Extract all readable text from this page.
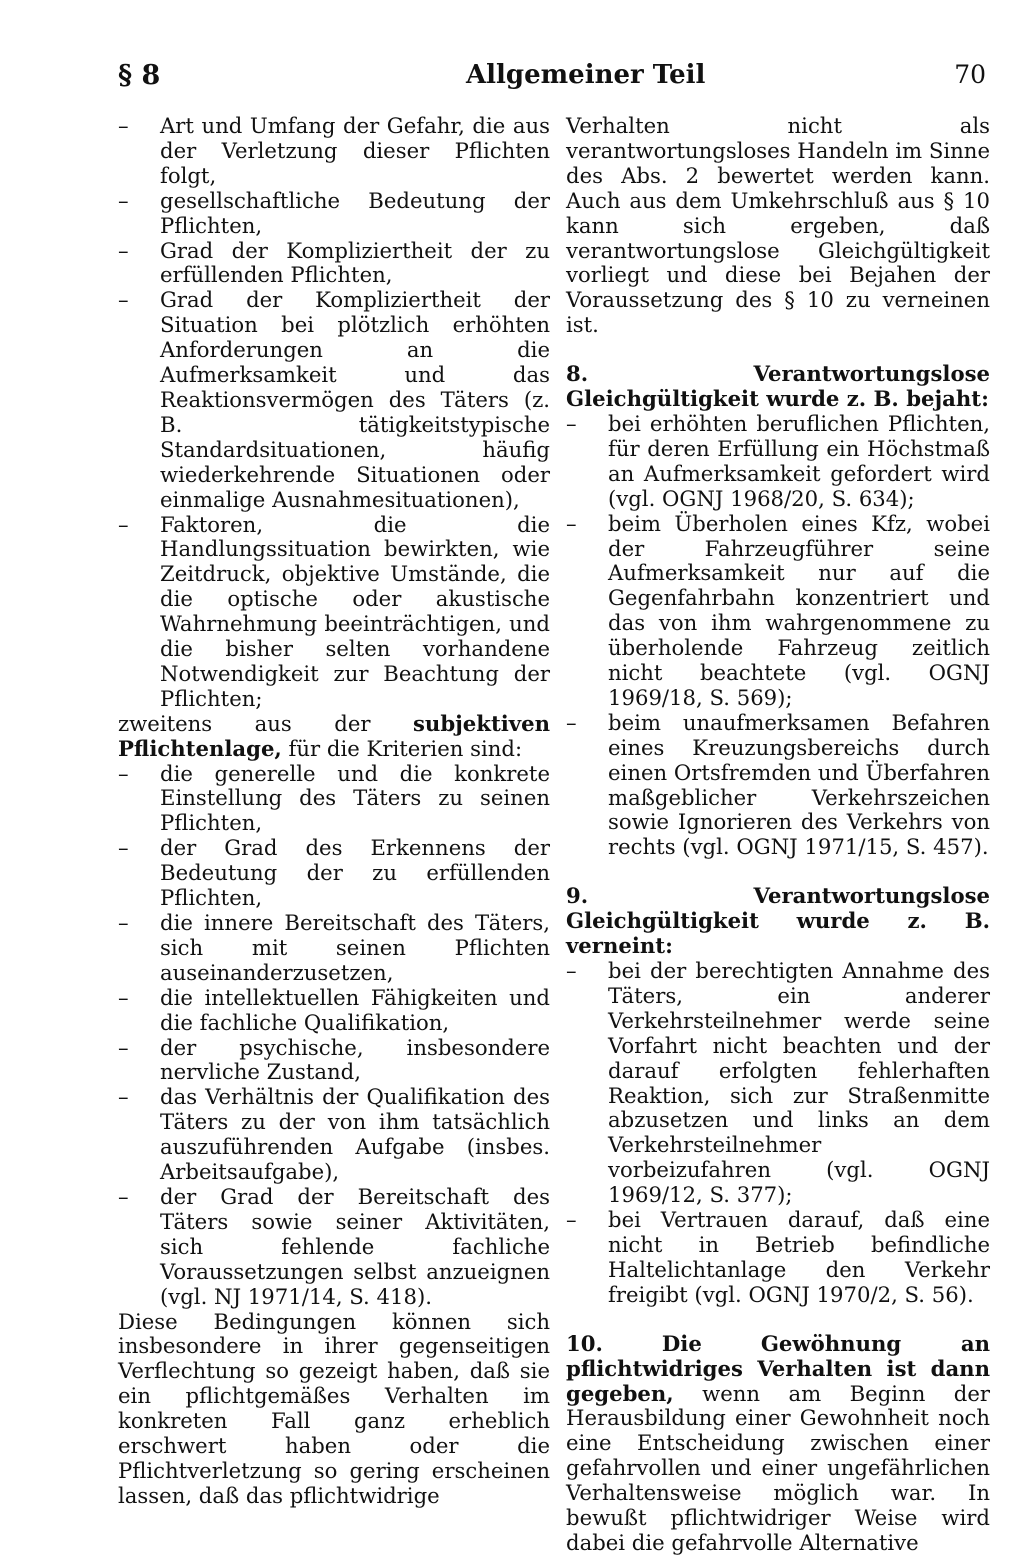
§ 8	Allgemeiner Teil	70

– Art und Umfang der Gefahr, die aus der Verletzung dieser Pflichten folgt,

– gesellschaftliche Bedeutung der Pflichten,

– Grad der Kompliziertheit der zu erfüllenden Pflichten,

– Grad der Kompliziertheit der Situation bei plötzlich erhöhten Anforderungen an die Aufmerksamkeit und das Reaktionsvermögen des Täters (z. B. tätigkeitstypische Standardsituationen, häufig wiederkehrende Situationen oder einmalige Ausnahmesituationen),

– Faktoren, die die Handlungssituation bewirkten, wie Zeitdruck, objektive Umstände, die die optische oder akustische Wahrnehmung beeinträchtigen, und die bisher selten vorhandene Notwendigkeit zur Beachtung der Pflichten;

zweitens aus der subjektiven Pflichtenlage, für die Kriterien sind:

– die generelle und die konkrete Einstellung des Täters zu seinen Pflichten,

– der Grad des Erkennens der Bedeutung der zu erfüllenden Pflichten,

– die innere Bereitschaft des Täters, sich mit seinen Pflichten auseinanderzusetzen,

– die intellektuellen Fähigkeiten und die fachliche Qualifikation,

– der psychische, insbesondere nervliche Zustand,

– das Verhältnis der Qualifikation des Täters zu der von ihm tatsächlich auszuführenden Aufgabe (insbes. Arbeitsaufgabe),

– der Grad der Bereitschaft des Täters sowie seiner Aktivitäten, sich fehlende fachliche Voraussetzungen selbst anzueignen (vgl. NJ 1971/14, S. 418).

Diese Bedingungen können sich insbesondere in ihrer gegenseitigen Verflechtung so gezeigt haben, daß sie ein pflichtgemäßes Verhalten im konkreten Fall ganz erheblich erschwert haben oder die Pflichtverletzung so gering erscheinen lassen, daß das pflichtwidrige

Verhalten nicht als verantwortungsloses Handeln im Sinne des Abs. 2 bewertet werden kann. Auch aus dem Umkehrschluß aus § 10 kann sich ergeben, daß verantwortungslose Gleichgültigkeit vorliegt und diese bei Bejahen der Voraussetzung des § 10 zu verneinen ist.

8. Verantwortungslose Gleichgültigkeit wurde z. B. bejaht:

– bei erhöhten beruflichen Pflichten, für deren Erfüllung ein Höchstmaß an Aufmerksamkeit gefordert wird (vgl. OGNJ 1968/20, S. 634);

– beim Überholen eines Kfz, wobei der Fahrzeugführer seine Aufmerksamkeit nur auf die Gegenfahrbahn konzentriert und das von ihm wahrgenommene zu überholende Fahrzeug zeitlich nicht beachtete (vgl. OGNJ 1969/18, S. 569);

– beim unaufmerksamen Befahren eines Kreuzungsbereichs durch einen Ortsfremden und Überfahren maßgeblicher Verkehrszeichen sowie Ignorieren des Verkehrs von rechts (vgl. OGNJ 1971/15, S. 457).

9. Verantwortungslose Gleichgültigkeit wurde z. B. verneint:

– bei der berechtigten Annahme des Täters, ein anderer Verkehrsteilnehmer werde seine Vorfahrt nicht beachten und der darauf erfolgten fehlerhaften Reaktion, sich zur Straßenmitte abzusetzen und links an dem Verkehrsteilnehmer vorbeizufahren (vgl. OGNJ 1969/12, S. 377);

– bei Vertrauen darauf, daß eine nicht in Betrieb befindliche Haltelichtanlage den Verkehr freigibt (vgl. OGNJ 1970/2, S. 56).

10.	Die	Gewöhnung an pflichtwidriges Verhalten ist dann gegeben, wenn am Beginn der Herausbildung einer Gewohnheit noch eine Entscheidung zwischen einer gefahrvollen und einer ungefährlichen Verhaltensweise möglich war. In bewußt pflichtwidriger Weise wird dabei die gefahrvolle Alternative
